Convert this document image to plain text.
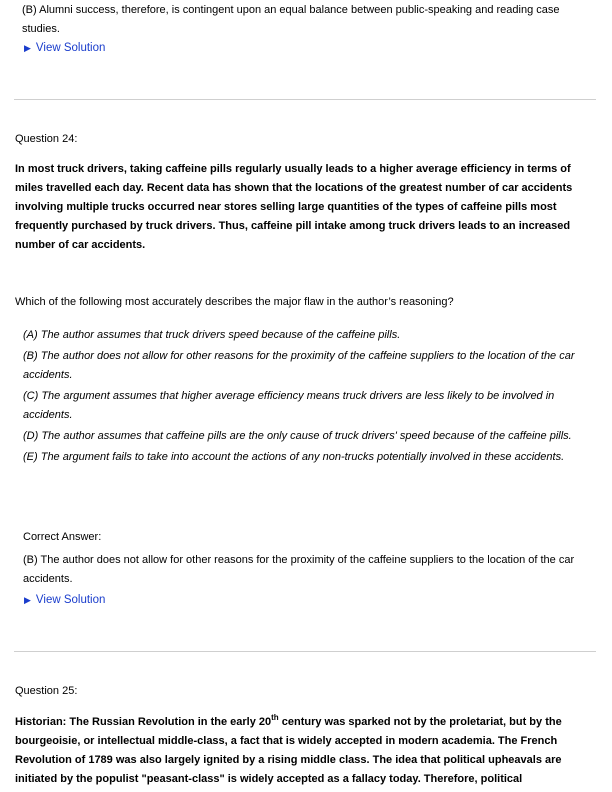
(B) Alumni success, therefore, is contingent upon an equal balance between public-speaking and reading case studies.

▶ View Solution

Question 24:

In most truck drivers, taking caffeine pills regularly usually leads to a higher average efficiency in terms of miles travelled each day. Recent data has shown that the locations of the greatest number of car accidents involving multiple trucks occurred near stores selling large quantities of the types of caffeine pills most frequently purchased by truck drivers. Thus, caffeine pill intake among truck drivers leads to an increased number of car accidents.

Which of the following most accurately describes the major flaw in the author’s reasoning?

(A) The author assumes that truck drivers speed because of the caffeine pills.

(B) The author does not allow for other reasons for the proximity of the caffeine suppliers to the location of the car accidents.

(C) The argument assumes that higher average efficiency means truck drivers are less likely to be involved in accidents.

(D) The author assumes that caffeine pills are the only cause of truck drivers' speed because of the caffeine pills.

(E) The argument fails to take into account the actions of any non-trucks potentially involved in these accidents.

Correct Answer:

(B) The author does not allow for other reasons for the proximity of the caffeine suppliers to the location of the car accidents.

▶ View Solution

Question 25:

Historian: The Russian Revolution in the early 20th century was sparked not by the proletariat, but by the bourgeoisie, or intellectual middle-class, a fact that is widely accepted in modern academia. The French Revolution of 1789 was also largely ignited by a rising middle class. The idea that political upheavals are initiated by the populist "peasant-class" is widely accepted as a fallacy today. Therefore, political
